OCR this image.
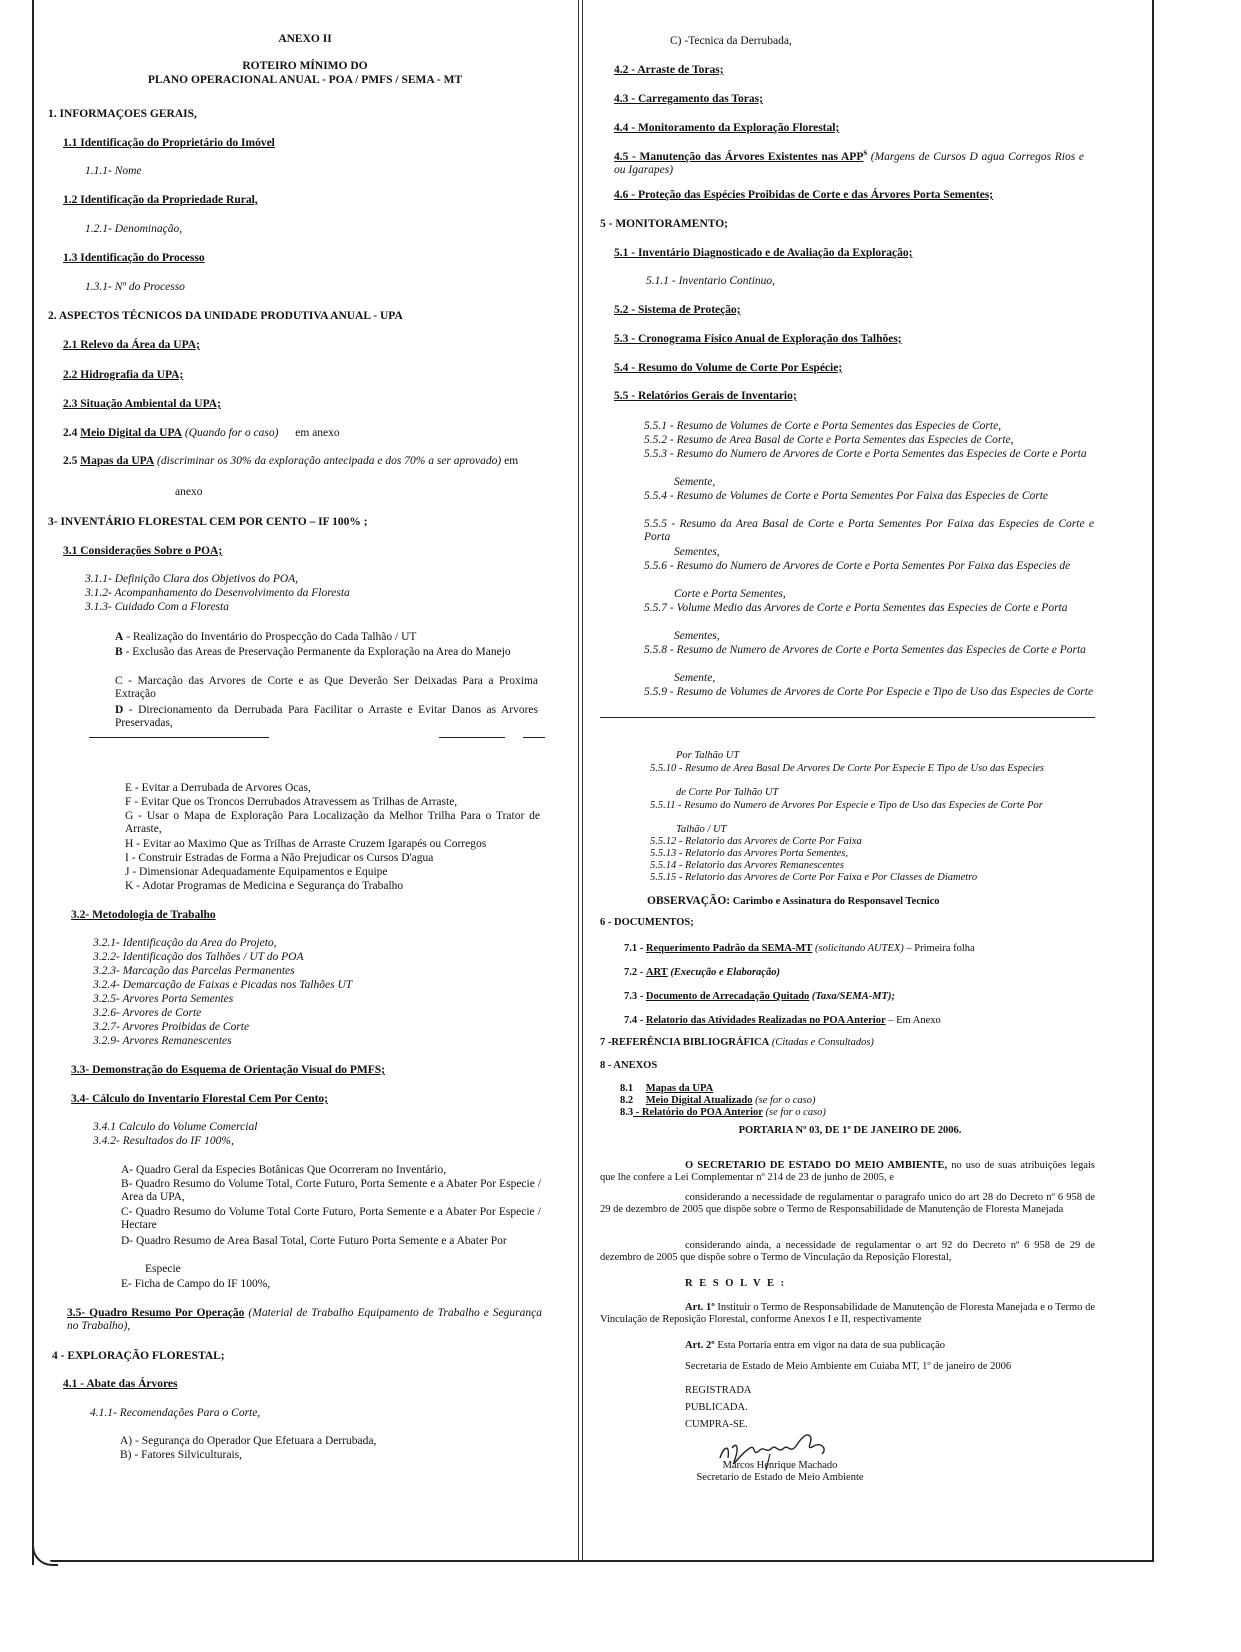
ANEXO II
ROTEIRO MÍNIMO DO
PLANO OPERACIONAL ANUAL - POA / PMFS / SEMA - MT
1. INFORMAÇOES GERAIS,
1.1 Identificação do Proprietário do Imóvel
1.1.1- Nome
1.2 Identificação da Propriedade Rural,
1.2.1- Denominação,
1.3 Identificação do Processo
1.3.1- Nº do Processo
2. ASPECTOS TÉCNICOS DA UNIDADE PRODUTIVA ANUAL - UPA
2.1 Relevo da Área da UPA;
2.2 Hidrografia da UPA;
2.3 Situação Ambiental da UPA;
2.4 Meio Digital da UPA (Quando for o caso) em anexo
2.5 Mapas da UPA (discriminar os 30% da exploração antecipada e dos 70% a ser aprovado) em
anexo
3- INVENTÁRIO FLORESTAL CEM POR CENTO – IF 100% ;
3.1 Considerações Sobre o POA;
3.1.1- Definição Clara dos Objetivos do POA,
3.1.2- Acompanhamento do Desenvolvimento da Floresta
3.1.3- Cuidado Com a Floresta
A - Realização do Inventário do Prospecção do Cada Talhão / UT
B - Exclusão das Areas de Preservação Permanente da Exploração na Area do Manejo
C - Marcação das Arvores de Corte e as Que Deverão Ser Deixadas Para a Proxima Extração
D - Direcionamento da Derrubada Para Facilitar o Arraste e Evitar Danos as Arvores Preservadas,
E - Evitar a Derrubada de Arvores Ocas,
F - Evitar Que os Troncos Derrubados Atravessem as Trilhas de Arraste,
G - Usar o Mapa de Exploração Para Localização da Melhor Trilha Para o Trator de Arraste,
H - Evitar ao Maximo Que as Trilhas de Arraste Cruzem Igarapés ou Corregos
I - Construir Estradas de Forma a Não Prejudicar os Cursos D'agua
J - Dimensionar Adequadamente Equipamentos e Equipe
K - Adotar Programas de Medicina e Segurança do Trabalho
3.2- Metodologia de Trabalho
3.2.1- Identificação da Area do Projeto,
3.2.2- Identificação dos Talhões / UT do POA
3.2.3- Marcação das Parcelas Permanentes
3.2.4- Demarcação de Faixas e Picadas nos Talhões UT
3.2.5- Arvores Porta Sementes
3.2.6- Arvores de Corte
3.2.7- Arvores Proibidas de Corte
3.2.9- Arvores Remanescentes
3.3- Demonstração do Esquema de Orientação Visual do PMFS;
3.4- Cálculo do Inventario Florestal Cem Por Cento;
3.4.1 Calculo do Volume Comercial
3.4.2- Resultados do IF 100%,
A- Quadro Geral da Especies Botânicas Que Ocorreram no Inventário,
B- Quadro Resumo do Volume Total, Corte Futuro, Porta Semente e a Abater Por Especie / Area da UPA,
C- Quadro Resumo do Volume Total Corte Futuro, Porta Semente e a Abater Por Especie / Hectare
D- Quadro Resumo de Area Basal Total, Corte Futuro Porta Semente e a Abater Por
Especie
E- Ficha de Campo do IF 100%,
3.5- Quadro Resumo Por Operação (Material de Trabalho Equipamento de Trabalho e Segurança no Trabalho),
4 - EXPLORAÇÃO FLORESTAL;
4.1 - Abate das Árvores
4.1.1- Recomendações Para o Corte,
A) - Segurança do Operador Que Efetuara a Derrubada,
B) - Fatores Silviculturais,
C) -Tecnica da Derrubada,
4.2 - Arraste de Toras;
4.3 - Carregamento das Toras;
4.4 - Monitoramento da Exploração Florestal;
4.5 - Manutenção das Árvores Existentes nas APP$^s$ (Margens de Cursos D agua Corregos Rios e ou Igarapes)
4.6 - Proteção das Espécies Proibidas de Corte e das Árvores Porta Sementes;
5 - MONITORAMENTO;
5.1 - Inventário Diagnosticado e de Avaliação da Exploração;
5.1.1 - Inventario Continuo,
5.2 - Sistema de Proteção;
5.3 - Cronograma Físico Anual de Exploração dos Talhões;
5.4 - Resumo do Volume de Corte Por Espécie;
5.5 - Relatórios Gerais de Inventario;
5.5.1 - Resumo de Volumes de Corte e Porta Sementes das Especies de Corte,
5.5.2 - Resumo de Area Basal de Corte e Porta Sementes das Especies de Corte,
5.5.3 - Resumo do Numero de Arvores de Corte e Porta Sementes das Especies de Corte e Porta
Semente,
5.5.4 - Resumo de Volumes de Corte e Porta Sementes Por Faixa das Especies de Corte
5.5.5 - Resumo da Area Basal de Corte e Porta Sementes Por Faixa das Especies de Corte e Porta
Sementes,
5.5.6 - Resumo do Numero de Arvores de Corte e Porta Sementes Por Faixa das Especies de
Corte e Porta Sementes,
5.5.7 - Volume Medio das Arvores de Corte e Porta Sementes das Especies de Corte e Porta
Sementes,
5.5.8 - Resumo de Numero de Arvores de Corte e Porta Sementes das Especies de Corte e Porta
Semente,
5.5.9 - Resumo de Volumes de Arvores de Corte Por Especie e Tipo de Uso das Especies de Corte
Por Talhão UT
5.5.10 - Resumo de Area Basal De Arvores De Corte Por Especie E Tipo de Uso das Especies
de Corte Por Talhão UT
5.5.11 - Resumo do Numero de Arvores Por Especie e Tipo de Uso das Especies de Corte Por
Talhão / UT
5.5.12 - Relatorio das Arvores de Corte Por Faixa
5.5.13 - Relatorio das Arvores Porta Sementes,
5.5.14 - Relatorio das Arvores Remanescentes
5.5.15 - Relatorio das Arvores de Corte Por Faixa e Por Classes de Diametro
OBSERVAÇÃO: Carimbo e Assinatura do Responsavel Tecnico
6 - DOCUMENTOS;
7.1 - Requerimento Padrão da SEMA-MT (solicitando AUTEX) – Primeira folha
7.2 - ART (Execução e Elaboração)
7.3 - Documento de Arrecadação Quitado (Taxa/SEMA-MT);
7.4 - Relatorio das Atividades Realizadas no POA Anterior – Em Anexo
7 -REFERÊNCIA BIBLIOGRÁFICA (Citadas e Consultados)
8 - ANEXOS
8.1 Mapas da UPA
8.2 Meio Digital Atualizado (se for o caso)
8.3 - Relatório do POA Anterior (se for o caso)
PORTARIA Nº 03, DE 1º DE JANEIRO DE 2006.
O SECRETARIO DE ESTADO DO MEIO AMBIENTE, no uso de suas atribuições legais que lhe confere a Lei Complementar nº 214 de 23 de junho de 2005, e
considerando a necessidade de regulamentar o paragrafo unico do art 28 do Decreto nº 6 958 de 29 de dezembro de 2005 que dispõe sobre o Termo de Responsabilidade de Manutenção de Floresta Manejada
considerando ainda, a necessidade de regulamentar o art 92 do Decreto nº 6 958 de 29 de dezembro de 2005 que dispõe sobre o Termo de Vinculação da Reposição Florestal,
R E S O L V E :
Art. 1º Instituir o Termo de Responsabilidade de Manutenção de Floresta Manejada e o Termo de Vinculação de Reposição Florestal, conforme Anexos I e II, respectivamente
Art. 2º Esta Portaria entra em vigor na data de sua publicação
Secretaria de Estado de Meio Ambiente em Cuiaba MT, 1º de janeiro de 2006
REGISTRADA
PUBLICADA.
CUMPRA-SE.
Marcos Henrique Machado
Secretario de Estado de Meio Ambiente
